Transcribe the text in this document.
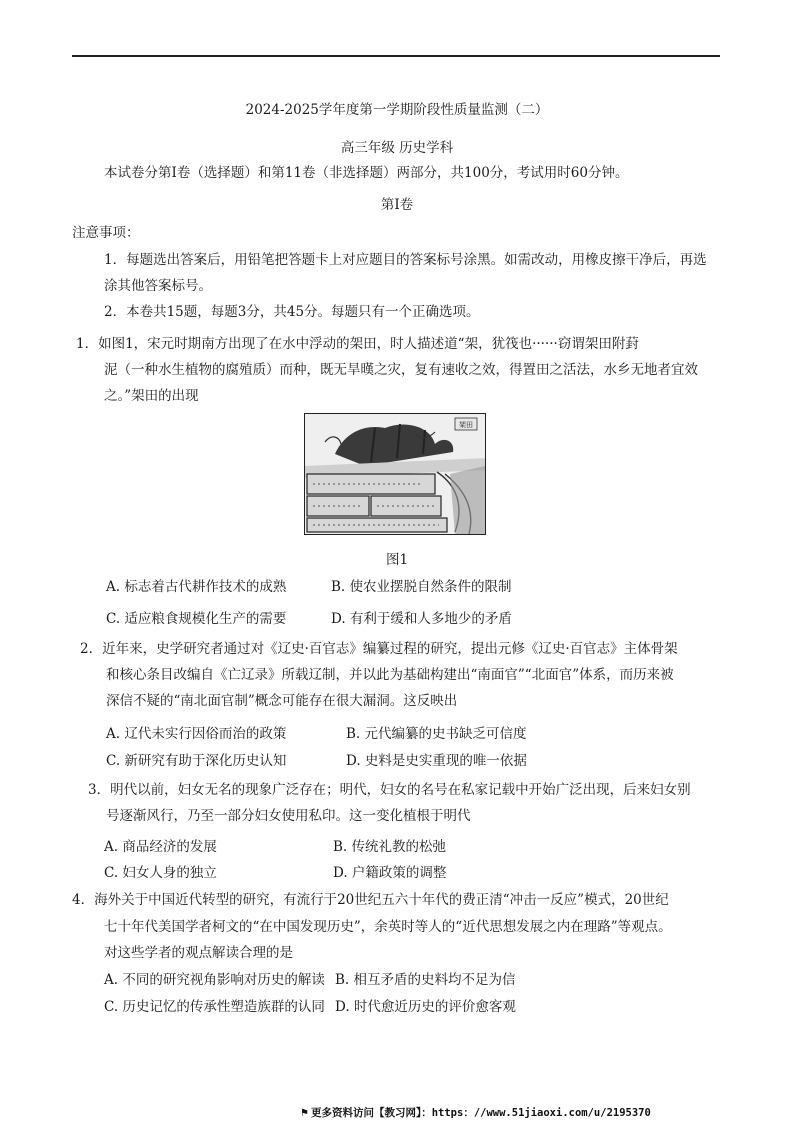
2024-2025学年度第一学期阶段性质量监测（二）
高三年级 历史学科
本试卷分第I卷（选择题）和第11卷（非选择题）两部分，共100分，考试用时60分钟。
第I卷
注意事项：
1．每题选出答案后，用铅笔把答题卡上对应题目的答案标号涂黑。如需改动，用橡皮擦干净后，再选
涂其他答案标号。
2．本卷共15题，每题3分，共45分。每题只有一个正确选项。
1．如图1，宋元时期南方出现了在水中浮动的架田，时人描述道“架，犹筏也······窃谓架田附葑
泥（一种水生植物的腐殖质）而种，既无旱暵之灾，复有速收之效，得置田之活法，水乡无地者宜效
之。”架田的出现
架田
图1
A. 标志着古代耕作技术的成熟	B. 使农业摆脱自然条件的限制
C. 适应粮食规模化生产的需要	D. 有利于缓和人多地少的矛盾
2．近年来，史学研究者通过对《辽史·百官志》编纂过程的研究，提出元修《辽史·百官志》主体骨架
和核心条目改编自《亡辽录》所载辽制，并以此为基础构建出“南面官”“北面官”体系，而历来被
深信不疑的“南北面官制”概念可能存在很大漏洞。这反映出
A. 辽代未实行因俗而治的政策	B. 元代编纂的史书缺乏可信度
C. 新研究有助于深化历史认知	D. 史料是史实重现的唯一依据
3．明代以前，妇女无名的现象广泛存在；明代，妇女的名号在私家记载中开始广泛出现，后来妇女别
号逐渐风行，乃至一部分妇女使用私印。这一变化植根于明代
A. 商品经济的发展	B. 传统礼教的松弛
C. 妇女人身的独立	D. 户籍政策的调整
4．海外关于中国近代转型的研究，有流行于20世纪五六十年代的费正清“冲击一反应”模式，20世纪
七十年代美国学者柯文的“在中国发现历史”，余英时等人的“近代思想发展之内在理路”等观点。
对这些学者的观点解读合理的是
A. 不同的研究视角影响对历史的解读 B. 相互矛盾的史料均不足为信
C. 历史记忆的传承性塑造族群的认同 D. 时代愈近历史的评价愈客观
⚑ 更多资料访问【教习网】：https：//www.51jiaoxi.com/u/2195370
